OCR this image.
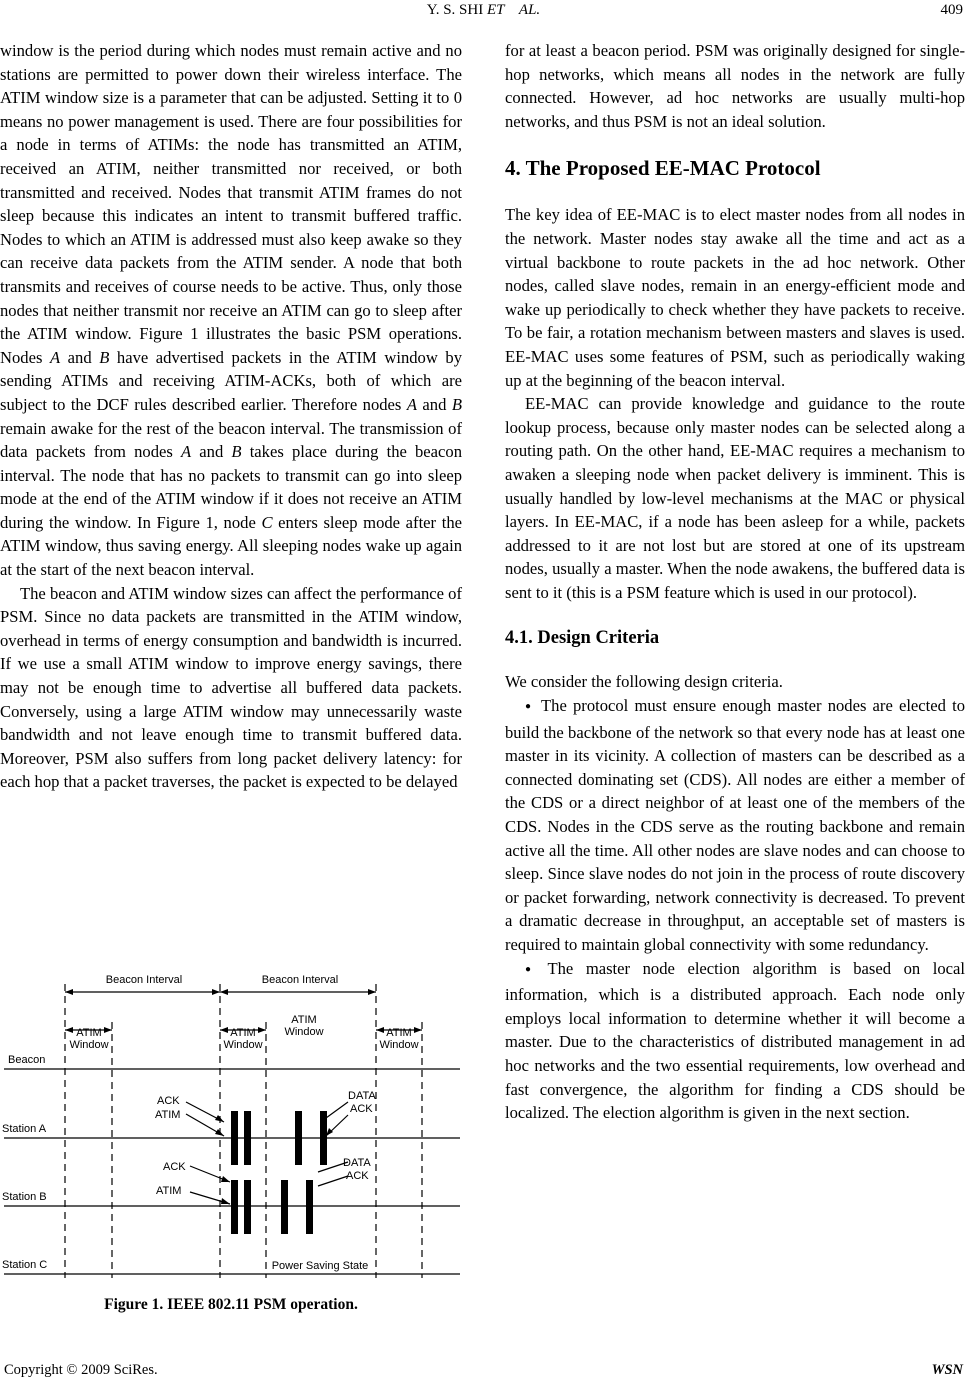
Y. S. SHI ET    AL.	409

window is the period during which nodes must remain active and no stations are permitted to power down their wireless interface. The ATIM window size is a parameter that can be adjusted. Setting it to 0 means no power management is used. There are four possibilities for a node in terms of ATIMs: the node has transmitted an ATIM, received an ATIM, neither transmitted nor received, or both transmitted and received. Nodes that transmit ATIM frames do not sleep because this indicates an intent to transmit buffered traffic. Nodes to which an ATIM is addressed must also keep awake so they can receive data packets from the ATIM sender. A node that both transmits and receives of course needs to be active. Thus, only those nodes that neither transmit nor receive an ATIM can go to sleep after the ATIM window. Figure 1 illustrates the basic PSM operations. Nodes A and B have advertised packets in the ATIM window by sending ATIMs and receiving ATIM-ACKs, both of which are subject to the DCF rules described earlier. Therefore nodes A and B remain awake for the rest of the beacon interval. The transmission of data packets from nodes A and B takes place during the beacon interval. The node that has no packets to transmit can go into sleep mode at the end of the ATIM window if it does not receive an ATIM during the window. In Figure 1, node C enters sleep mode after the ATIM window, thus saving energy. All sleeping nodes wake up again at the start of the next beacon interval.

The beacon and ATIM window sizes can affect the performance of PSM. Since no data packets are transmitted in the ATIM window, overhead in terms of energy consumption and bandwidth is incurred. If we use a small ATIM window to improve energy savings, there may not be enough time to advertise all buffered data packets. Conversely, using a large ATIM window may unnecessarily waste bandwidth and not leave enough time to transmit buffered data. Moreover, PSM also suffers from long packet delivery latency: for each hop that a packet traverses, the packet is expected to be delayed

Beacon Interval	Beacon Interval
ATIM
Window
ATIM
Window
ATIM
Window	ATIM
Window
Beacon
Station A
Station B
Station C
ACK
ATIM
DATA
ACK
ACK
ATIM
DATA
ACK
Power Saving State
Figure 1. IEEE 802.11 PSM operation.

for at least a beacon period. PSM was originally designed for single-hop networks, which means all nodes in the network are fully connected. However, ad hoc networks are usually multi-hop networks, and thus PSM is not an ideal solution.

4. The Proposed EE-MAC Protocol

The key idea of EE-MAC is to elect master nodes from all nodes in the network. Master nodes stay awake all the time and act as a virtual backbone to route packets in the ad hoc network. Other nodes, called slave nodes, remain in an energy-efficient mode and wake up periodically to check whether they have packets to receive. To be fair, a rotation mechanism between masters and slaves is used. EE-MAC uses some features of PSM, such as periodically waking up at the beginning of the beacon interval.

EE-MAC can provide knowledge and guidance to the route lookup process, because only master nodes can be selected along a routing path. On the other hand, EE-MAC requires a mechanism to awaken a sleeping node when packet delivery is imminent. This is usually handled by low-level mechanisms at the MAC or physical layers. In EE-MAC, if a node has been asleep for a while, packets addressed to it are not lost but are stored at one of its upstream nodes, usually a master. When the node awakens, the buffered data is sent to it (this is a PSM feature which is used in our protocol).

4.1. Design Criteria

We consider the following design criteria.

● The protocol must ensure enough master nodes are elected to build the backbone of the network so that every node has at least one master in its vicinity. A collection of masters can be described as a connected dominating set (CDS). All nodes are either a member of the CDS or a direct neighbor of at least one of the members of the CDS. Nodes in the CDS serve as the routing backbone and remain active all the time. All other nodes are slave nodes and can choose to sleep. Since slave nodes do not join in the process of route discovery or packet forwarding, network connectivity is decreased. To prevent a dramatic decrease in throughput, an acceptable set of masters is required to maintain global connectivity with some redundancy.

● The master node election algorithm is based on local information, which is a distributed approach. Each node only employs local information to determine whether it will become a master. Due to the characteristics of distributed management in ad hoc networks and the two essential requirements, low overhead and fast convergence, the algorithm for finding a CDS should be localized. The election algorithm is given in the next section.

Copyright © 2009 SciRes.	WSN
